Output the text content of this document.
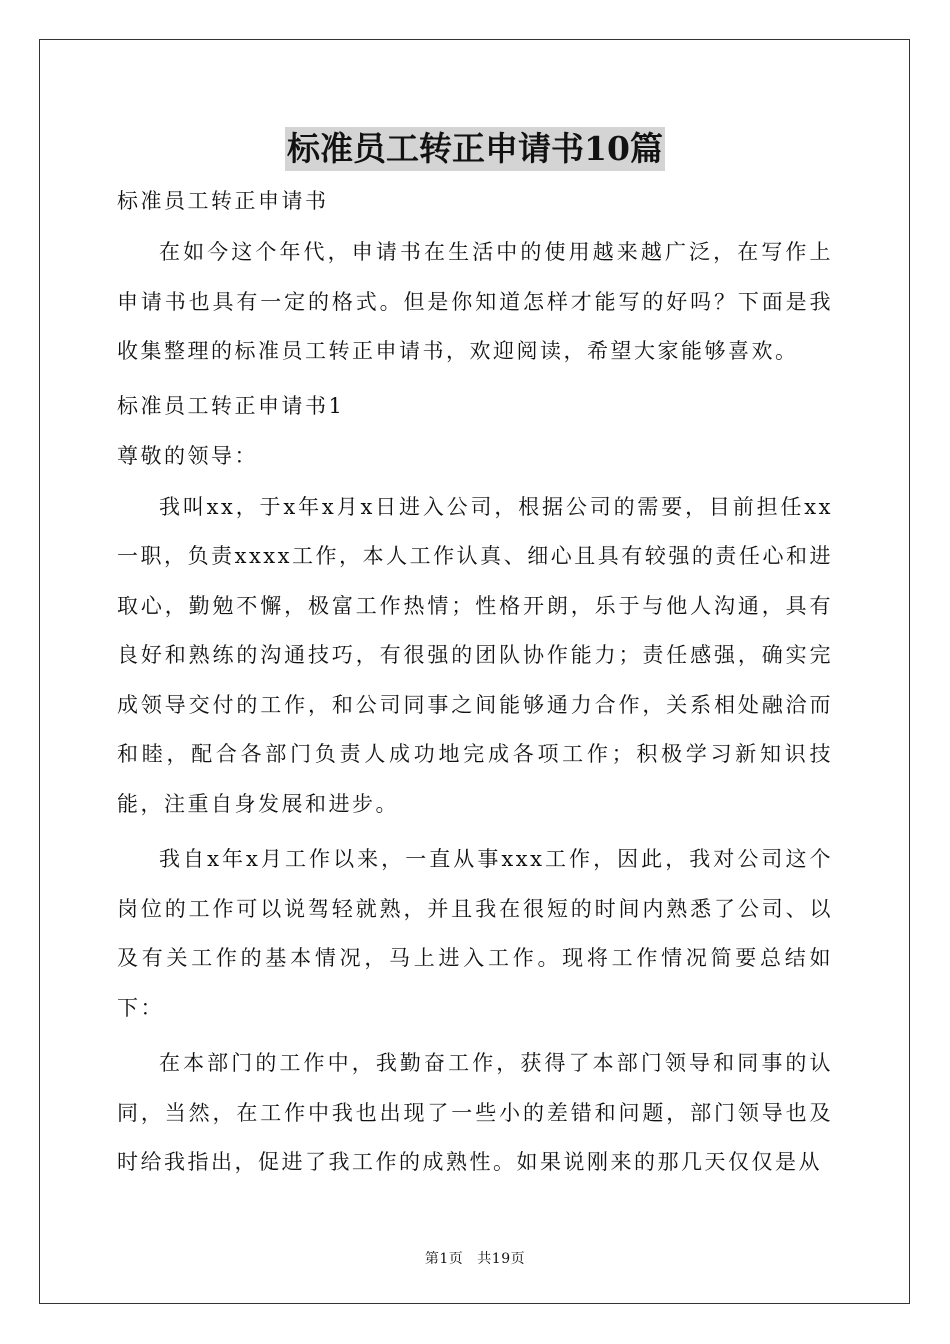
标准员工转正申请书10篇
标准员工转正申请书

在如今这个年代，申请书在生活中的使用越来越广泛，在写作上申请书也具有一定的格式。但是你知道怎样才能写的好吗？下面是我收集整理的标准员工转正申请书，欢迎阅读，希望大家能够喜欢。

标准员工转正申请书1
尊敬的领导：

我叫xx，于x年x月x日进入公司，根据公司的需要，目前担任xx一职，负责xxxx工作，本人工作认真、细心且具有较强的责任心和进取心，勤勉不懈，极富工作热情；性格开朗，乐于与他人沟通，具有良好和熟练的沟通技巧，有很强的团队协作能力；责任感强，确实完成领导交付的工作，和公司同事之间能够通力合作，关系相处融洽而和睦，配合各部门负责人成功地完成各项工作；积极学习新知识技能，注重自身发展和进步。

我自x年x月工作以来，一直从事xxx工作，因此，我对公司这个岗位的工作可以说驾轻就熟，并且我在很短的时间内熟悉了公司、以及有关工作的基本情况，马上进入工作。现将工作情况简要总结如下：

在本部门的工作中，我勤奋工作，获得了本部门领导和同事的认同，当然，在工作中我也出现了一些小的差错和问题，部门领导也及时给我指出，促进了我工作的成熟性。如果说刚来的那几天仅仅是从

第1页 共19页
